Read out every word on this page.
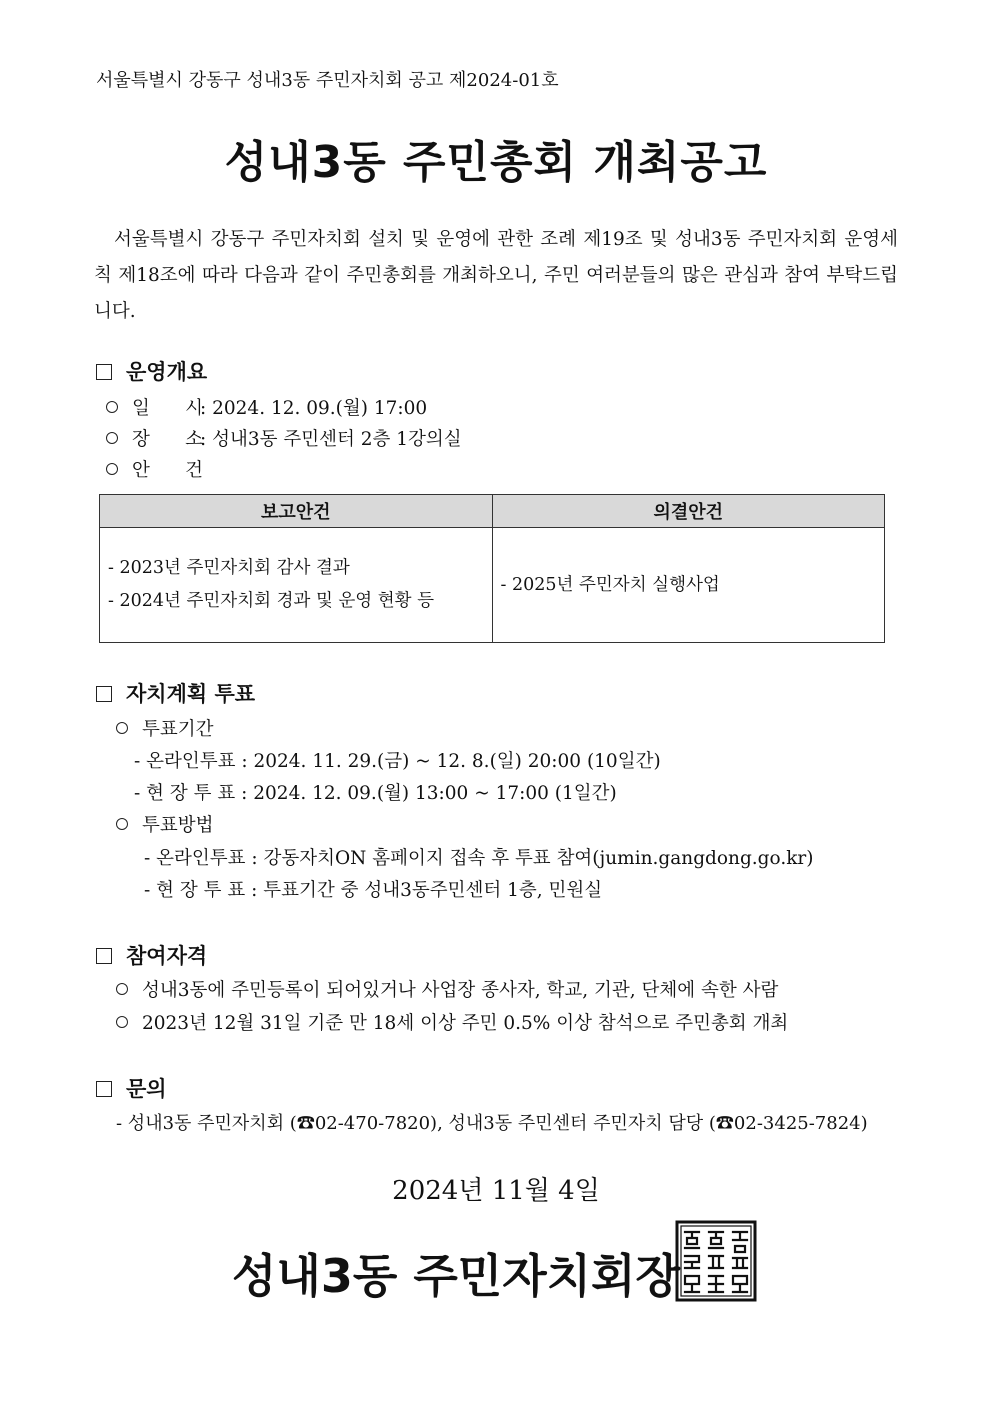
서울특별시 강동구 성내3동 주민자치회 공고 제2024-01호
성내3동 주민총회 개최공고
서울특별시 강동구 주민자치회 설치 및 운영에 관한 조례 제19조 및 성내3동 주민자치회 운영세칙 제18조에 따라 다음과 같이 주민총회를 개최하오니, 주민 여러분들의 많은 관심과 참여 부탁드립니다.
운영개요
일      시: 2024. 12. 09.(월) 17:00
장      소: 성내3동 주민센터 2층 1강의실
안      건
보고안건	의결안건

- 2023년 주민자치회 감사 결과
- 2024년 주민자치회 경과 및 운영 현황 등	- 2025년 주민자치 실행사업
자치계획 투표
투표기간
- 온라인투표 : 2024. 11. 29.(금) ~ 12. 8.(일) 20:00 (10일간)
- 현 장 투 표 : 2024. 12. 09.(월) 13:00 ~ 17:00 (1일간)
투표방법
- 온라인투표 : 강동자치ON 홈페이지 접속 후 투표 참여(jumin.gangdong.go.kr)
- 현 장 투 표 : 투표기간 중 성내3동주민센터 1층, 민원실
참여자격
성내3동에 주민등록이 되어있거나 사업장 종사자, 학교, 기관, 단체에 속한 사람
2023년 12월 31일 기준 만 18세 이상 주민 0.5% 이상 참석으로 주민총회 개최
문의
- 성내3동 주민자치회 (☎02-470-7820), 성내3동 주민센터 주민자치 담당 (☎02-3425-7824)
2024년 11월 4일
성내3동 주민자치회장
